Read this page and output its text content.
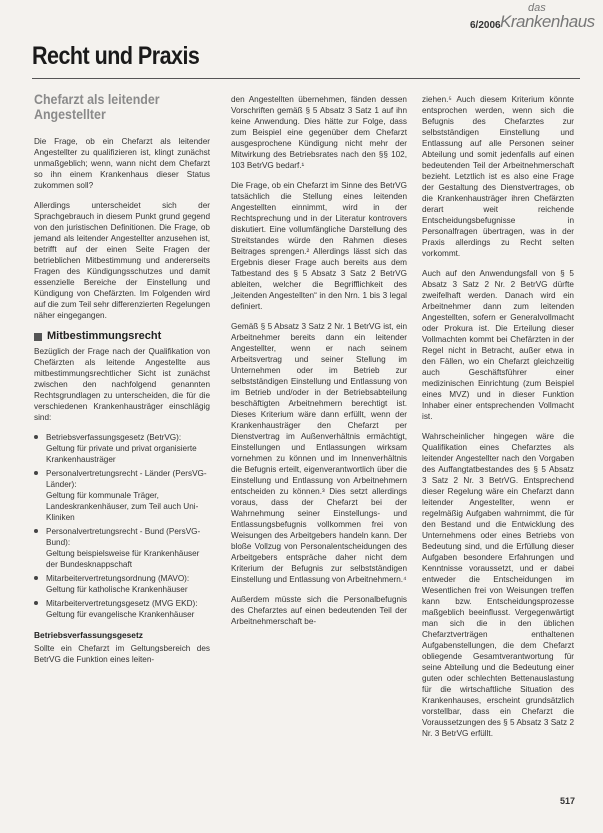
das
6/2006 Krankenhaus
Recht und Praxis
Chefarzt als leitender Angestellter

Die Frage, ob ein Chefarzt als leitender Angestellter zu qualifizieren ist, klingt zunächst unmaßgeblich; wenn, wann nicht dem Chefarzt so ihn einem Krankenhaus dieser Status zukommen soll?

Allerdings unterscheidet sich der Sprachgebrauch in diesem Punkt grund gegend von den juristischen Definitionen. Die Frage, ob jemand als leitender Angestellter anzusehen ist, betrifft auf der einen Seite Fragen der betrieblichen Mitbestimmung und andererseits Fragen des Kündigungsschutzes und damit essenzielle Bereiche der Einstellung und Kündigung von Chefärzten. Im Folgenden wird auf die zum Teil sehr differenzierten Regelungen näher eingegangen.

Mitbestimmungsrecht

Bezüglich der Frage nach der Qualifikation von Chefärzten als leitende Angestellte aus mitbestimmungsrechtlicher Sicht ist zunächst zwischen den nachfolgend genannten Rechtsgrundlagen zu unterscheiden, die für die verschiedenen Krankenhausträger einschlägig sind:

Betriebsverfassungsgesetz (BetrVG):
Geltung für private und privat organisierte Krankenhausträger
Personalvertretungsrecht - Länder (PersVG-Länder):
Geltung für kommunale Träger, Landeskrankenhäuser, zum Teil auch Uni-Kliniken
Personalvertretungsrecht - Bund (PersVG-Bund):
Geltung beispielsweise für Krankenhäuser der Bundesknappschaft
Mitarbeitervertretungsordnung (MAVO):
Geltung für katholische Krankenhäuser
Mitarbeitervertretungsgesetz (MVG EKD):
Geltung für evangelische Krankenhäuser
Betriebsverfassungsgesetz

Sollte ein Chefarzt im Geltungsbereich des BetrVG die Funktion eines leiten-

den Angestellten übernehmen, fänden dessen Vorschriften gemäß § 5 Absatz 3 Satz 1 auf ihn keine Anwendung. Dies hätte zur Folge, dass zum Beispiel eine gegenüber dem Chefarzt ausgesprochene Kündigung nicht mehr der Mitwirkung des Betriebsrates nach den §§ 102, 103 BetrVG bedarf.¹

Die Frage, ob ein Chefarzt im Sinne des BetrVG tatsächlich die Stellung eines leitenden Angestellten einnimmt, wird in der Rechtsprechung und in der Literatur kontrovers diskutiert. Eine vollumfängliche Darstellung des Streitstandes würde den Rahmen dieses Beitrages sprengen.² Allerdings lässt sich das Ergebnis dieser Frage auch bereits aus dem Tatbestand des § 5 Absatz 3 Satz 2 BetrVG ableiten, welcher die Begrifflichkeit des „leitenden Angestellten“ in den Nrn. 1 bis 3 legal definiert.

Gemäß § 5 Absatz 3 Satz 2 Nr. 1 BetrVG ist, ein Arbeitnehmer bereits dann ein leitender Angestellter, wenn er nach seinem Arbeitsvertrag und seiner Stellung im Unternehmen oder im Betrieb zur selbstständigen Einstellung und Entlassung von im Betrieb und/oder in der Betriebsabteilung beschäftigten Arbeitnehmern berechtigt ist. Dieses Kriterium wäre dann erfüllt, wenn der Krankenhausträger den Chefarzt per Dienstvertrag im Außenverhältnis ermächtigt, Einstellungen und Entlassungen wirksam vornehmen zu können und im Innenverhältnis die Befugnis erteilt, eigenverantwortlich über die Einstellung und Entlassung von Arbeitnehmern entscheiden zu können.³ Dies setzt allerdings voraus, dass der Chefarzt bei der Wahrnehmung seiner Einstellungs- und Entlassungsbefugnis vollkommen frei von Weisungen des Arbeitgebers handeln kann. Der bloße Vollzug von Personalentscheidungen des Arbeitgebers entspräche daher nicht dem Kriterium der Befugnis zur selbstständigen Einstellung und Entlassung von Arbeitnehmern.⁴

Außerdem müsste sich die Personalbefugnis des Chefarztes auf einen bedeutenden Teil der Arbeitnehmerschaft be-

ziehen.⁵ Auch diesem Kriterium könnte entsprochen werden, wenn sich die Befugnis des Chefarztes zur selbstständigen Einstellung und Entlassung auf alle Personen seiner Abteilung und somit jedenfalls auf einen bedeutenden Teil der Arbeitnehmerschaft bezieht. Letztlich ist es also eine Frage der Gestaltung des Dienstvertrages, ob die Krankenhausträger ihren Chefärzten derart weit reichende Entscheidungsbefugnisse in Personalfragen übertragen, was in der Praxis allerdings zu Recht selten vorkommt.

Auch auf den Anwendungsfall von § 5 Absatz 3 Satz 2 Nr. 2 BetrVG dürfte zweifelhaft werden. Danach wird ein Arbeitnehmer dann zum leitenden Angestellten, sofern er Generalvollmacht oder Prokura ist. Die Erteilung dieser Vollmachten kommt bei Chefärzten in der Regel nicht in Betracht, außer etwa in den Fällen, wo ein Chefarzt gleichzeitig auch Geschäftsführer einer medizinischen Einrichtung (zum Beispiel eines MVZ) und in dieser Funktion Inhaber einer entsprechenden Vollmacht ist.

Wahrscheinlicher hingegen wäre die Qualifikation eines Chefarztes als leitender Angestellter nach den Vorgaben des Auffangtatbestandes des § 5 Absatz 3 Satz 2 Nr. 3 BetrVG. Entsprechend dieser Regelung wäre ein Chefarzt dann leitender Angestellter, wenn er regelmäßig Aufgaben wahrnimmt, die für den Bestand und die Entwicklung des Unternehmens oder eines Betriebs von Bedeutung sind, und die Erfüllung dieser Aufgaben besondere Erfahrungen und Kenntnisse voraussetzt, und er dabei entweder die Entscheidungen im Wesentlichen frei von Weisungen treffen kann bzw. Entscheidungsprozesse maßgeblich beeinflusst. Vergegenwärtigt man sich die in den üblichen Chefarztverträgen enthaltenen Aufgabenstellungen, die dem Chefarzt obliegende Gesamtverantwortung für seine Abteilung und die Bedeutung einer guten oder schlechten Bettenauslastung für die wirtschaftliche Situation des Krankenhauses, erscheint grundsätzlich vorstellbar, dass ein Chefarzt die Voraussetzungen des § 5 Absatz 3 Satz 2 Nr. 3 BetrVG erfüllt.

517
